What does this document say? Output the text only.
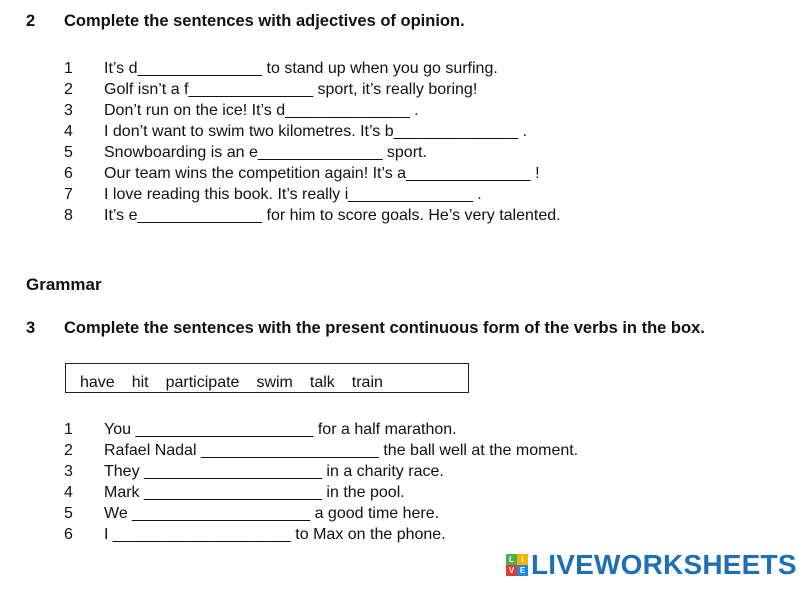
2 Complete the sentences with adjectives of opinion.
1 It’s d______________ to stand up when you go surfing.
2 Golf isn’t a f______________ sport, it’s really boring!
3 Don’t run on the ice! It’s d______________ .
4 I don’t want to swim two kilometres. It’s b______________ .
5 Snowboarding is an e______________ sport.
6 Our team wins the competition again! It’s a______________ !
7 I love reading this book. It’s really i______________ .
8 It’s e______________ for him to score goals. He’s very talented.
Grammar
3 Complete the sentences with the present continuous form of the verbs in the box.
have hit participate swim talk train
1 You ____________________ for a half marathon.
2 Rafael Nadal ____________________ the ball well at the moment.
3 They ____________________ in a charity race.
4 Mark ____________________ in the pool.
5 We ____________________ a good time here.
6 I ____________________ to Max on the phone.
L I
V E LIVEWORKSHEETS
